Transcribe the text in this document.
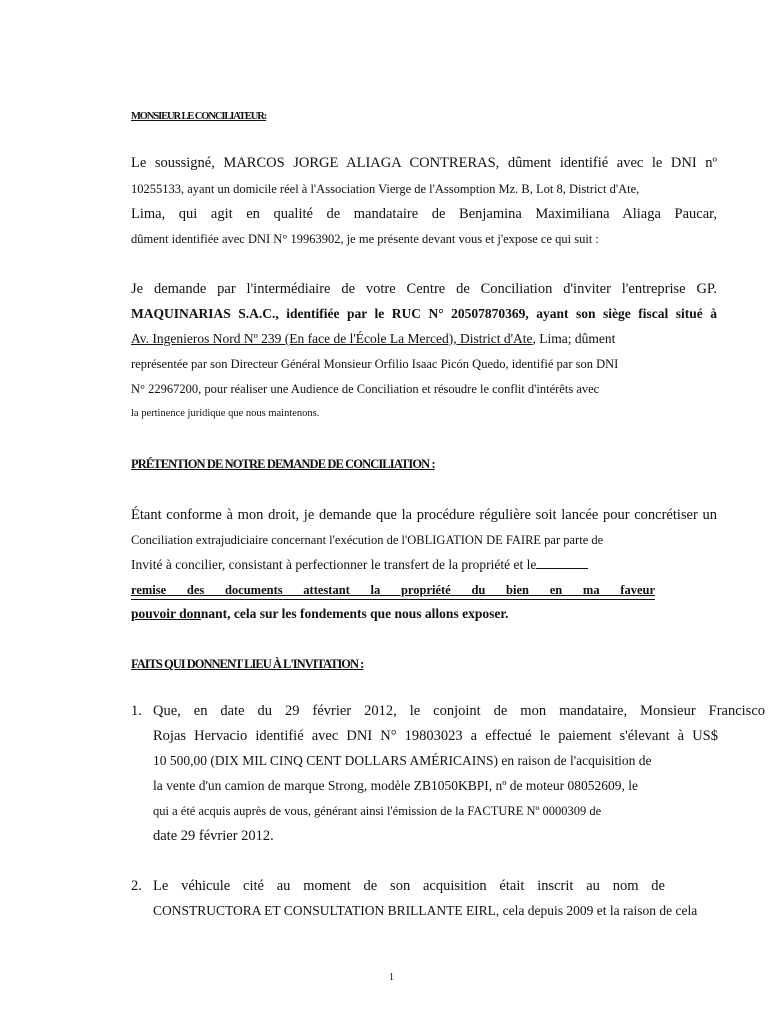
MONSIEUR LE CONCILIATEUR:
Le soussigné, MARCOS JORGE ALIAGA CONTRERAS, dûment identifié avec le DNI nº
10255133, ayant un domicile réel à l'Association Vierge de l'Assomption Mz. B, Lot 8, District d'Ate,
Lima, qui agit en qualité de mandataire de Benjamina Maximiliana Aliaga Paucar,
dûment identifiée avec DNI N° 19963902, je me présente devant vous et j'expose ce qui suit :
Je demande par l'intermédiaire de votre Centre de Conciliation d'inviter l'entreprise GP.
MAQUINARIAS S.A.C., identifiée par le RUC N° 20507870369, ayant son siège fiscal situé à
Av. Ingenieros Nord Nº 239 (En face de l'École La Merced), District d'Ate, Lima; dûment
représentée par son Directeur Général Monsieur Orfilio Isaac Picón Quedo, identifié par son DNI
N° 22967200, pour réaliser une Audience de Conciliation et résoudre le conflit d'intérêts avec
la pertinence juridique que nous maintenons.
PRÉTENTION DE NOTRE DEMANDE DE CONCILIATION :
Étant conforme à mon droit, je demande que la procédure régulière soit lancée pour concrétiser un
Conciliation extrajudiciaire concernant l'exécution de l'OBLIGATION DE FAIRE par parte de
Invité à concilier, consistant à perfectionner le transfert de la propriété et le
remise des documents attestant la propriété du bien en ma faveur
pouvoir donnant, cela sur les fondements que nous allons exposer.
FAITS QUI DONNENT LIEU À L'INVITATION :
1. Que, en date du 29 février 2012, le conjoint de mon mandataire, Monsieur Francisco
Rojas Hervacio identifié avec DNI N° 19803023 a effectué le paiement s'élevant à US$
10 500,00 (DIX MIL CINQ CENT DOLLARS AMÉRICAINS) en raison de l'acquisition de
la vente d'un camion de marque Strong, modèle ZB1050KBPI, nº de moteur 08052609, le
qui a été acquis auprès de vous, générant ainsi l'émission de la FACTURE Nº 0000309 de
date 29 février 2012.
2. Le véhicule cité au moment de son acquisition était inscrit au nom de
CONSTRUCTORA ET CONSULTATION BRILLANTE EIRL, cela depuis 2009 et la raison de cela
1
